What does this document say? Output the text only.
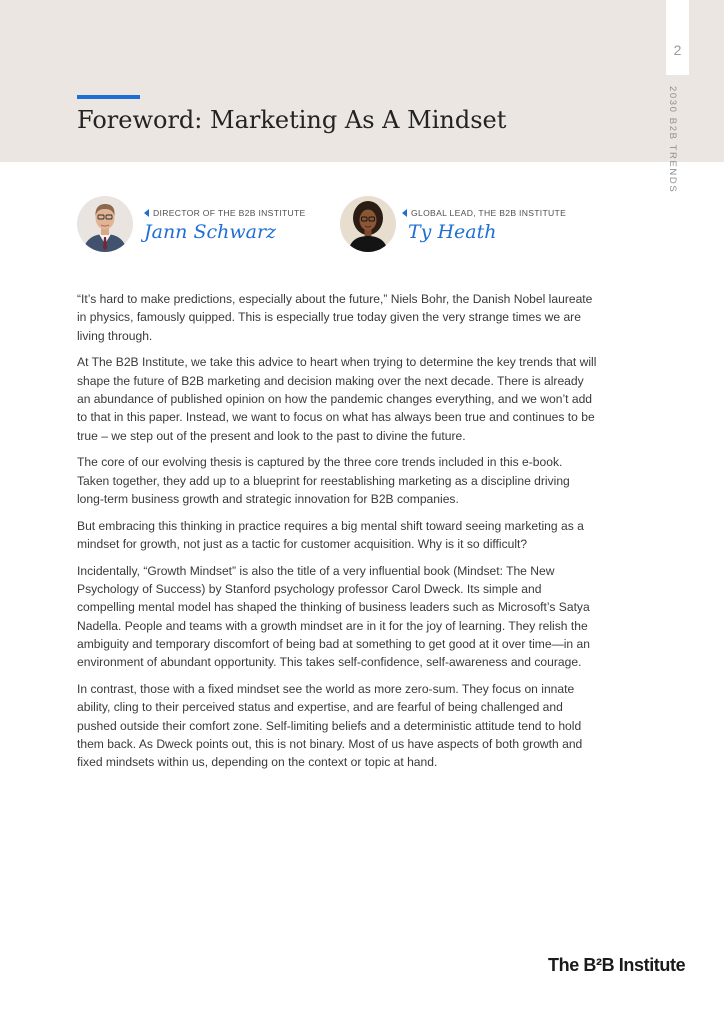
2
2030 B2B TRENDS
Foreword: Marketing As A Mindset
DIRECTOR OF THE B2B INSTITUTE
Jann Schwarz
GLOBAL LEAD, THE B2B INSTITUTE
Ty Heath

“It’s hard to make predictions, especially about the future,” Niels Bohr, the Danish Nobel laureate in physics, famously quipped. This is especially true today given the very strange times we are living through.

At The B2B Institute, we take this advice to heart when trying to determine the key trends that will shape the future of B2B marketing and decision making over the next decade. There is already an abundance of published opinion on how the pandemic changes everything, and we won’t add to that in this paper. Instead, we want to focus on what has always been true and continues to be true – we step out of the present and look to the past to divine the future.

The core of our evolving thesis is captured by the three core trends included in this e-book. Taken together, they add up to a blueprint for reestablishing marketing as a discipline driving long-term business growth and strategic innovation for B2B companies.

But embracing this thinking in practice requires a big mental shift toward seeing marketing as a mindset for growth, not just as a tactic for customer acquisition. Why is it so difficult?

Incidentally, “Growth Mindset” is also the title of a very influential book (Mindset: The New Psychology of Success) by Stanford psychology professor Carol Dweck. Its simple and compelling mental model has shaped the thinking of business leaders such as Microsoft’s Satya Nadella. People and teams with a growth mindset are in it for the joy of learning. They relish the ambiguity and temporary discomfort of being bad at something to get good at it over time—in an environment of abundant opportunity. This takes self-confidence, self-awareness and courage.

In contrast, those with a fixed mindset see the world as more zero-sum. They focus on innate ability, cling to their perceived status and expertise, and are fearful of being challenged and pushed outside their comfort zone. Self-limiting beliefs and a deterministic attitude tend to hold them back. As Dweck points out, this is not binary. Most of us have aspects of both growth and fixed mindsets within us, depending on the context or topic at hand.

The B²B Institute
